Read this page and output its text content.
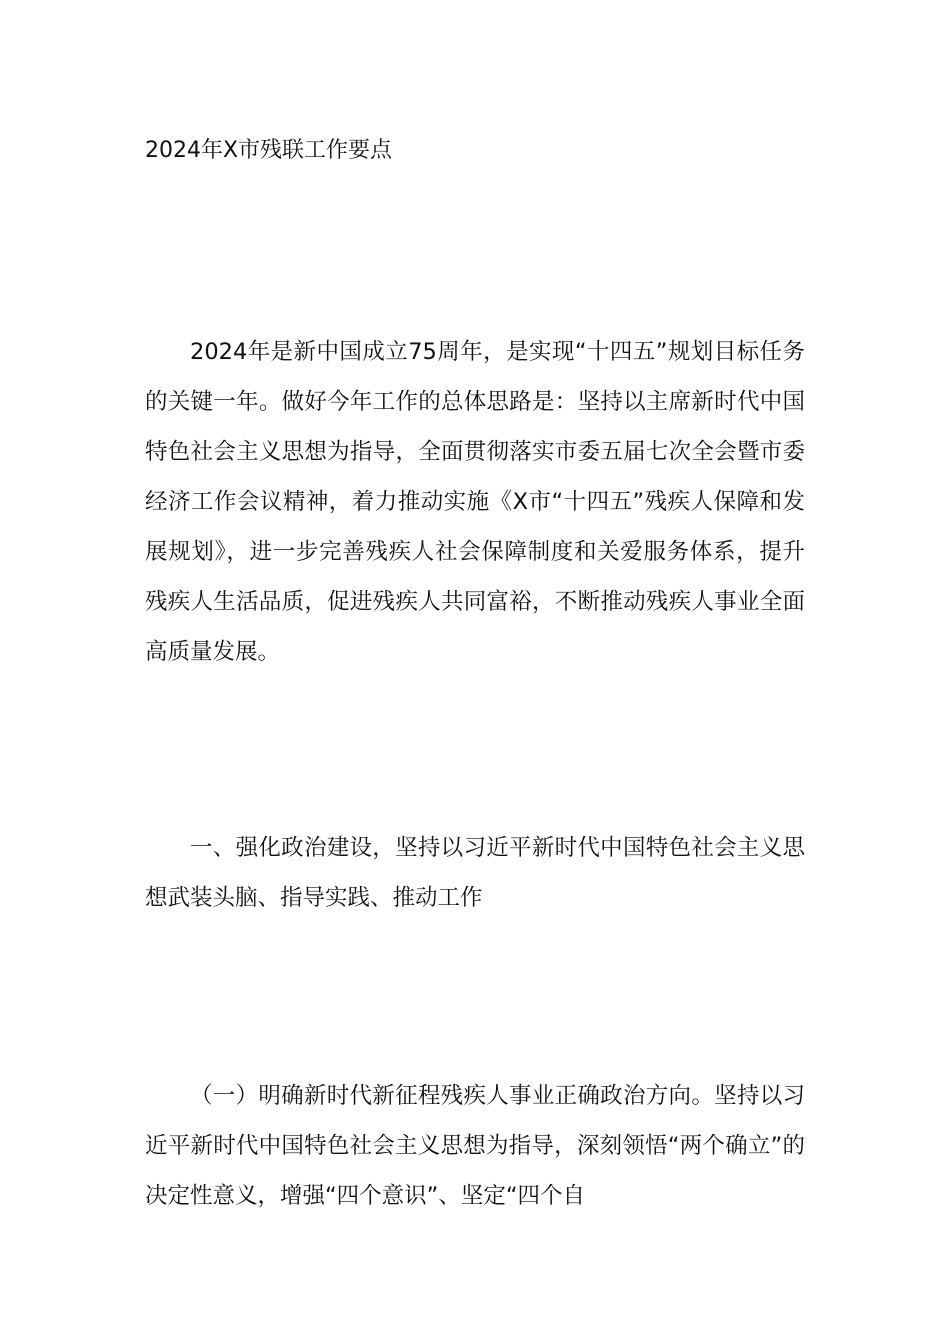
2024年X市残联工作要点

2024年是新中国成立75周年，是实现“十四五”规划目标任务的关键一年。做好今年工作的总体思路是：坚持以主席新时代中国特色社会主义思想为指导，全面贯彻落实市委五届七次全会暨市委经济工作会议精神，着力推动实施《X市“十四五”残疾人保障和发展规划》，进一步完善残疾人社会保障制度和关爱服务体系，提升残疾人生活品质，促进残疾人共同富裕，不断推动残疾人事业全面高质量发展。

一、强化政治建设，坚持以习近平新时代中国特色社会主义思想武装头脑、指导实践、推动工作

（一）明确新时代新征程残疾人事业正确政治方向。坚持以习近平新时代中国特色社会主义思想为指导，深刻领悟“两个确立”的决定性意义，增强“四个意识”、坚定“四个自
